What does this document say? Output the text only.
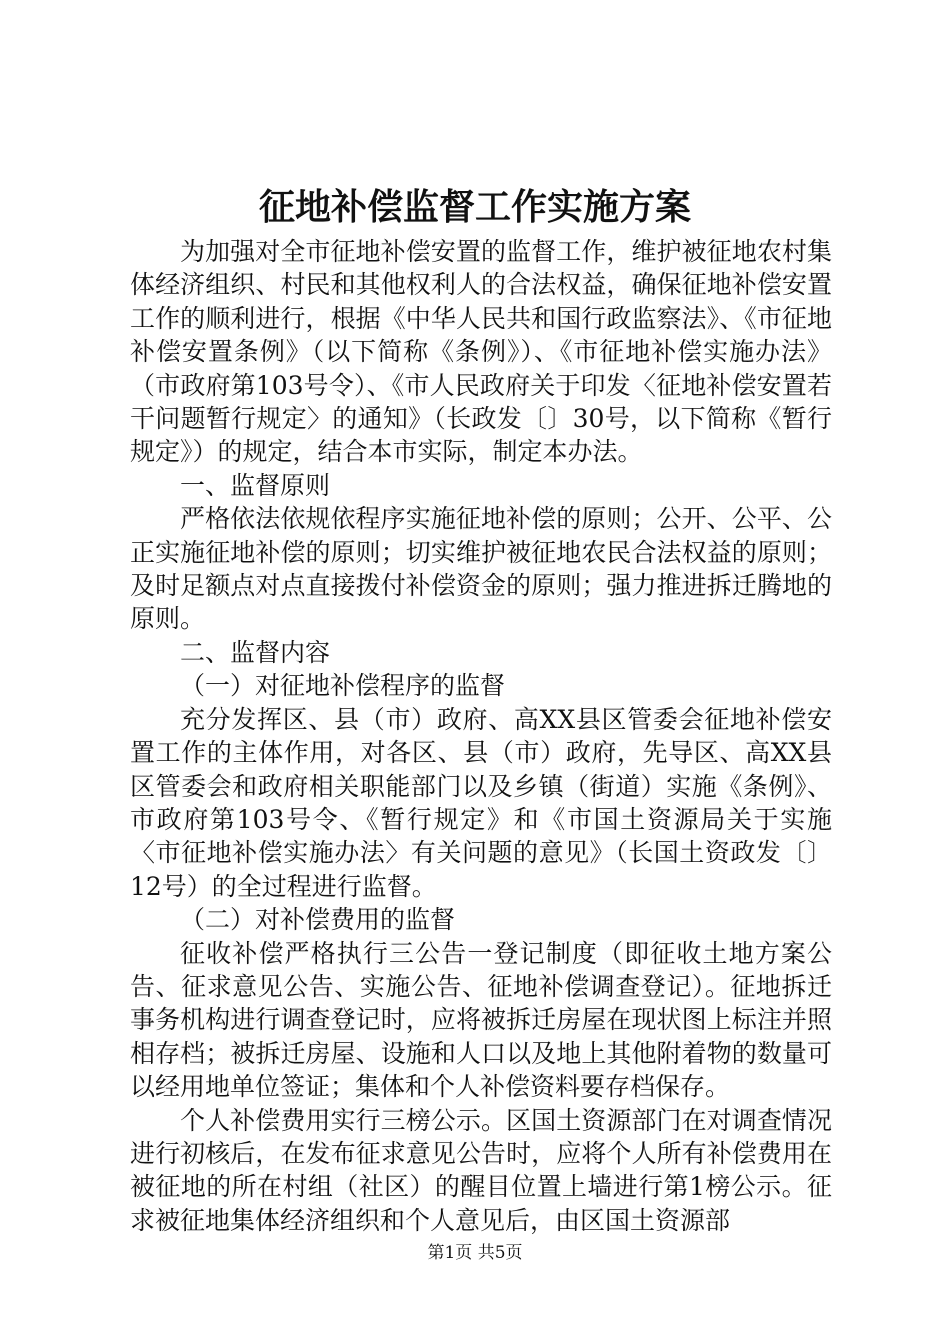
征地补偿监督工作实施方案

为加强对全市征地补偿安置的监督工作，维护被征地农村集体经济组织、村民和其他权利人的合法权益，确保征地补偿安置工作的顺利进行，根据《中华人民共和国行政监察法》、《市征地补偿安置条例》（以下简称《条例》）、《市征地补偿实施办法》（市政府第103号令）、《市人民政府关于印发〈征地补偿安置若干问题暂行规定〉的通知》（长政发〔〕30号，以下简称《暂行规定》）的规定，结合本市实际，制定本办法。

一、监督原则

严格依法依规依程序实施征地补偿的原则；公开、公平、公正实施征地补偿的原则；切实维护被征地农民合法权益的原则；及时足额点对点直接拨付补偿资金的原则；强力推进拆迁腾地的原则。

二、监督内容

（一）对征地补偿程序的监督

充分发挥区、县（市）政府、高XX县区管委会征地补偿安置工作的主体作用，对各区、县（市）政府，先导区、高XX县区管委会和政府相关职能部门以及乡镇（街道）实施《条例》、市政府第103号令、《暂行规定》和《市国土资源局关于实施〈市征地补偿实施办法〉有关问题的意见》（长国土资政发〔〕12号）的全过程进行监督。

（二）对补偿费用的监督

征收补偿严格执行三公告一登记制度（即征收土地方案公告、征求意见公告、实施公告、征地补偿调查登记）。征地拆迁事务机构进行调查登记时，应将被拆迁房屋在现状图上标注并照相存档；被拆迁房屋、设施和人口以及地上其他附着物的数量可以经用地单位签证；集体和个人补偿资料要存档保存。

个人补偿费用实行三榜公示。区国土资源部门在对调查情况进行初核后，在发布征求意见公告时，应将个人所有补偿费用在被征地的所在村组（社区）的醒目位置上墙进行第1榜公示。征求被征地集体经济组织和个人意见后，由区国土资源部

第1页 共5页
